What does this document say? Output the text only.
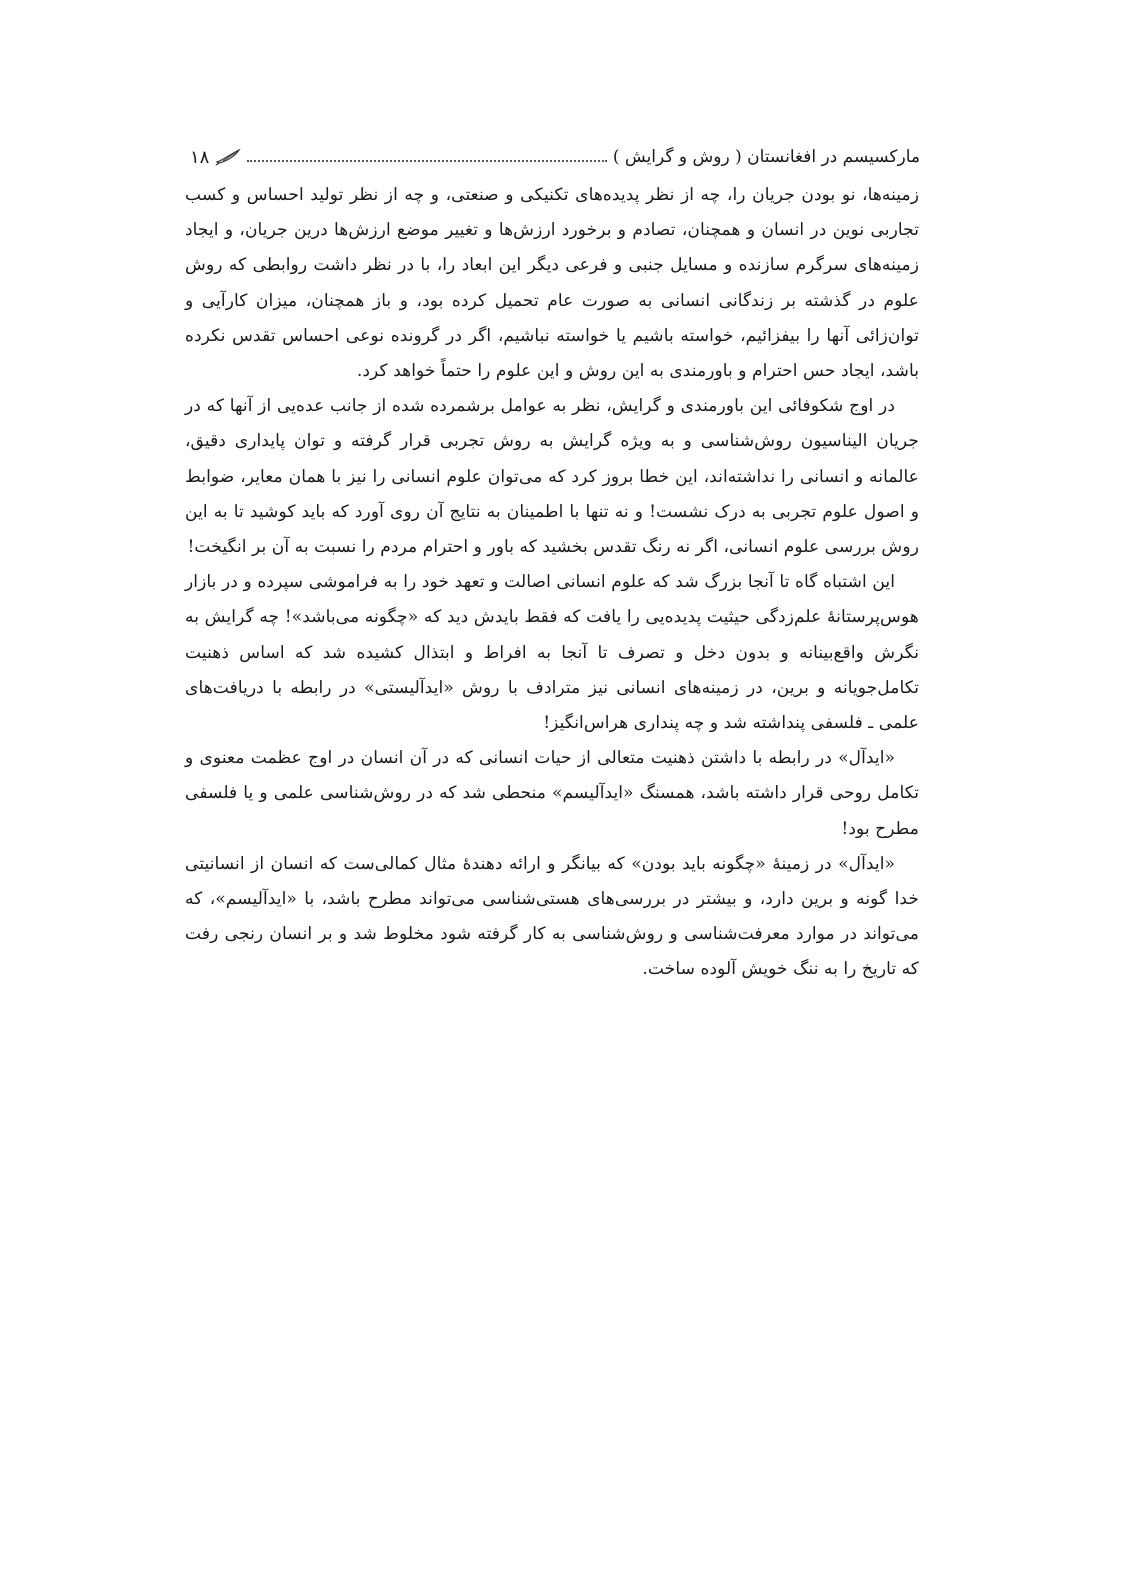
مارکسیسم در افغانستان ( روش و گرایش )
۱۸

زمینه‌ها، نو بودن جریان را، چه از نظر پدیده‌های تکنیکی و صنعتی، و چه از نظر تولید احساس و کسب تجاربی نوین در انسان و همچنان، تصادم و برخورد ارزش‌ها و تغییر موضع ارزش‌ها درین جریان، و ایجاد زمینه‌های سرگرم سازنده و مسایل جنبی و فرعی دیگر این ابعاد را، با در نظر داشت روابطی که روش علوم در گذشته بر زندگانی انسانی به صورت عام تحمیل کرده بود، و باز همچنان، میزان کارآیی و توان‌زائی آنها را بیفزائیم، خواسته باشیم یا خواسته نباشیم، اگر در گرونده نوعی احساس تقدس نکرده باشد، ایجاد حس احترام و باورمندی به این روش و این علوم را حتماً خواهد کرد.

در اوج شکوفائی این باورمندی و گرایش، نظر به عوامل برشمرده شده از جانب عده‌یی از آنها که در جریان الیناسیون روش‌شناسی و به ویژه گرایش به روش تجربی قرار گرفته و توان پایداری دقیق، عالمانه و انسانی را نداشته‌اند، این خطا بروز کرد که می‌توان علوم انسانی را نیز با همان معایر، ضوابط و اصول علوم تجربی به درک نشست! و نه تنها با اطمینان به نتایج آن روی آورد که باید کوشید تا به این روش بررسی علوم انسانی، اگر نه رنگ تقدس بخشید که باور و احترام مردم را نسبت به آن بر انگیخت!

این اشتباه گاه تا آنجا بزرگ شد که علوم انسانی اصالت و تعهد خود را به فراموشی سپرده و در بازار هوس‌پرستانهٔ علم‌زدگی حیثیت پدیده‌یی را یافت که فقط بایدش دید که «چگونه می‌باشد»! چه گرایش به نگرش واقع‌بینانه و بدون دخل و تصرف تا آنجا به افراط و ابتذال کشیده شد که اساس ذهنیت تکامل‌جویانه و برین، در زمینه‌های انسانی نیز مترادف با روش «ایدآلیستی» در رابطه با دریافت‌های علمی ـ فلسفی پنداشته شد و چه پنداری هراس‌انگیز!

«ایدآل» در رابطه با داشتن ذهنیت متعالی از حیات انسانی که در آن انسان در اوج عظمت معنوی و تکامل روحی قرار داشته باشد، همسنگ «ایدآلیسم» منحطی شد که در روش‌شناسی علمی و یا فلسفی مطرح بود!

«ایدآل» در زمینهٔ «چگونه باید بودن» که بیانگر و ارائه دهندهٔ مثال کمالی‌ست که انسان از انسانیتی خدا گونه و برین دارد، و بیشتر در بررسی‌های هستی‌شناسی می‌تواند مطرح باشد، با «ایدآلیسم»، که می‌تواند در موارد معرفت‌شناسی و روش‌شناسی به کار گرفته شود مخلوط شد و بر انسان رنجی رفت که تاریخ را به ننگ خویش آلوده ساخت.
